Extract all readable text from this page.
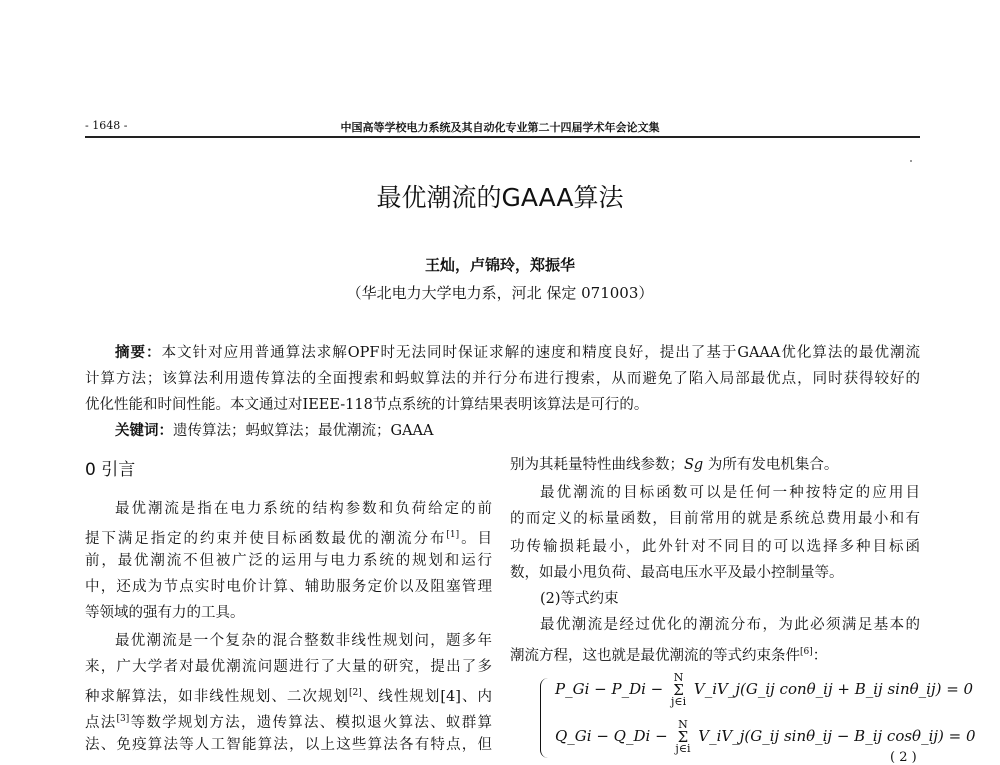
- 1648 -	中国高等学校电力系统及其自动化专业第二十四届学术年会论文集
最优潮流的GAAA算法
王灿，卢锦玲，郑振华
（华北电力大学电力系，河北 保定 071003）
摘要：本文针对应用普通算法求解OPF时无法同时保证求解的速度和精度良好，提出了基于GAAA优化算法的最优潮流
计算方法；该算法利用遗传算法的全面搜索和蚂蚁算法的并行分布进行搜索，从而避免了陷入局部最优点，同时获得较好的
优化性能和时间性能。本文通过对IEEE-118节点系统的计算结果表明该算法是可行的。
关键词：遗传算法；蚂蚁算法；最优潮流；GAAA
0 引言
最优潮流是指在电力系统的结构参数和负荷给定的前
提下满足指定的约束并使目标函数最优的潮流分布[1]。目
前，最优潮流不但被广泛的运用与电力系统的规划和运行
中，还成为节点实时电价计算、辅助服务定价以及阻塞管理
等领域的强有力的工具。
最优潮流是一个复杂的混合整数非线性规划问，题多年
来，广大学者对最优潮流问题进行了大量的研究，提出了多
种求解算法，如非线性规划、二次规划[2]、线性规划[4]、内
点法[3]等数学规划方法，遗传算法、模拟退火算法、蚁群算
法、免疫算法等人工智能算法，以上这些算法各有特点，但
别为其耗量特性曲线参数；Sg 为所有发电机集合。
最优潮流的目标函数可以是任何一种按特定的应用目
的而定义的标量函数，目前常用的就是系统总费用最小和有
功传输损耗最小，此外针对不同目的可以选择多种目标函
数，如最小甩负荷、最高电压水平及最小控制量等。
(2)等式约束
最优潮流是经过优化的潮流分布，为此必须满足基本的
潮流方程，这也就是最优潮流的等式约束条件[6]：
P_Gi − P_Di − N
Σ
j∈i V_iV_j(G_ij conθ_ij + B_ij sinθ_ij) = 0
Q_Gi − Q_Di − N
Σ
j∈i V_iV_j(G_ij sinθ_ij − B_ij cosθ_ij) = 0
( 2 )
